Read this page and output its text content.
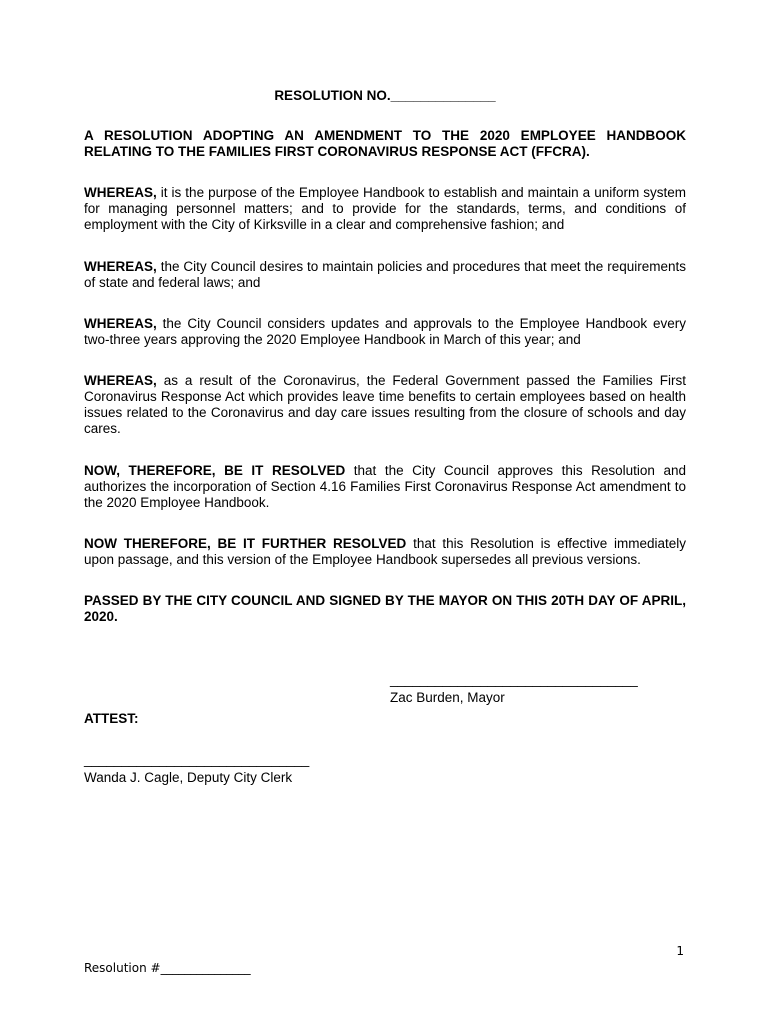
RESOLUTION NO.______________
A RESOLUTION ADOPTING AN AMENDMENT TO THE 2020 EMPLOYEE HANDBOOK RELATING TO THE FAMILIES FIRST CORONAVIRUS RESPONSE ACT (FFCRA).
WHEREAS, it is the purpose of the Employee Handbook to establish and maintain a uniform system for managing personnel matters; and to provide for the standards, terms, and conditions of employment with the City of Kirksville in a clear and comprehensive fashion; and
WHEREAS, the City Council desires to maintain policies and procedures that meet the requirements of state and federal laws; and
WHEREAS, the City Council considers updates and approvals to the Employee Handbook every two-three years approving the 2020 Employee Handbook in March of this year; and
WHEREAS, as a result of the Coronavirus, the Federal Government passed the Families First Coronavirus Response Act which provides leave time benefits to certain employees based on health issues related to the Coronavirus and day care issues resulting from the closure of schools and day cares.
NOW, THEREFORE, BE IT RESOLVED that the City Council approves this Resolution and authorizes the incorporation of Section 4.16 Families First Coronavirus Response Act amendment to the 2020 Employee Handbook.
NOW THEREFORE, BE IT FURTHER RESOLVED that this Resolution is effective immediately upon passage, and this version of the Employee Handbook supersedes all previous versions.
PASSED BY THE CITY COUNCIL AND SIGNED BY THE MAYOR ON THIS 20TH DAY OF APRIL, 2020.
_________________________________
Zac Burden, Mayor
ATTEST:
______________________________
Wanda J. Cagle, Deputy City Clerk
1
Resolution #_______________
